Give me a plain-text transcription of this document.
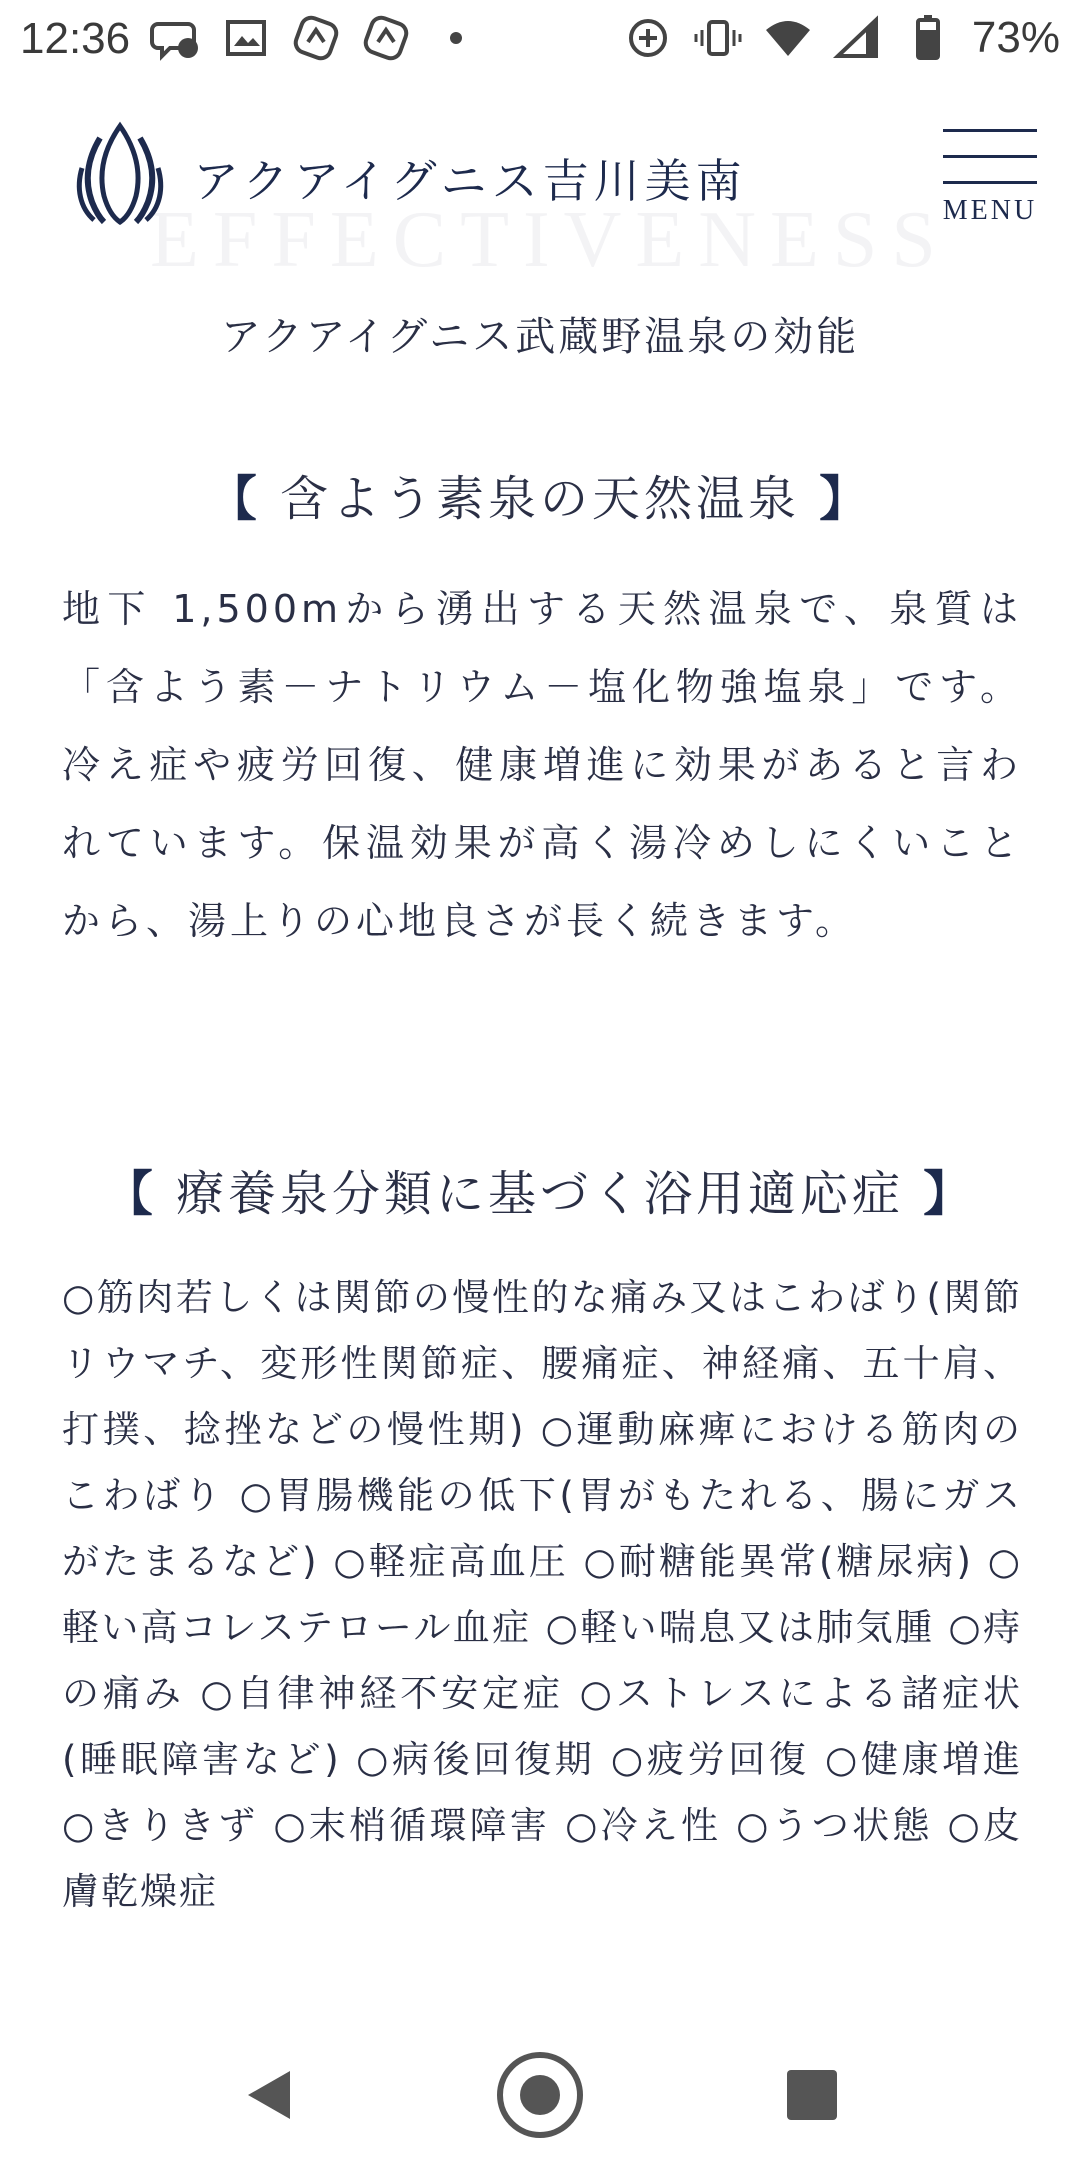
12:36	73%
EFFECTIVENESS
アクアイグニス吉川美南
MENU
アクアイグニス武蔵野温泉の効能
【 含よう素泉の天然温泉 】
地下 1,500mから湧出する天然温泉で、泉質は「含よう素－ナトリウム－塩化物強塩泉」です。冷え症や疲労回復、健康増進に効果があると言われています。保温効果が高く湯冷めしにくいことから、湯上りの心地良さが長く続きます。
【 療養泉分類に基づく浴用適応症 】
○筋肉若しくは関節の慢性的な痛み又はこわばり(関節リウマチ、変形性関節症、腰痛症、神経痛、五十肩、打撲、捻挫などの慢性期) ○運動麻痺における筋肉のこわばり ○胃腸機能の低下(胃がもたれる、腸にガスがたまるなど) ○軽症高血圧 ○耐糖能異常(糖尿病) ○軽い高コレステロール血症 ○軽い喘息又は肺気腫 ○痔の痛み ○自律神経不安定症 ○ストレスによる諸症状(睡眠障害など) ○病後回復期 ○疲労回復 ○健康増進 ○きりきず ○末梢循環障害 ○冷え性 ○うつ状態 ○皮膚乾燥症
